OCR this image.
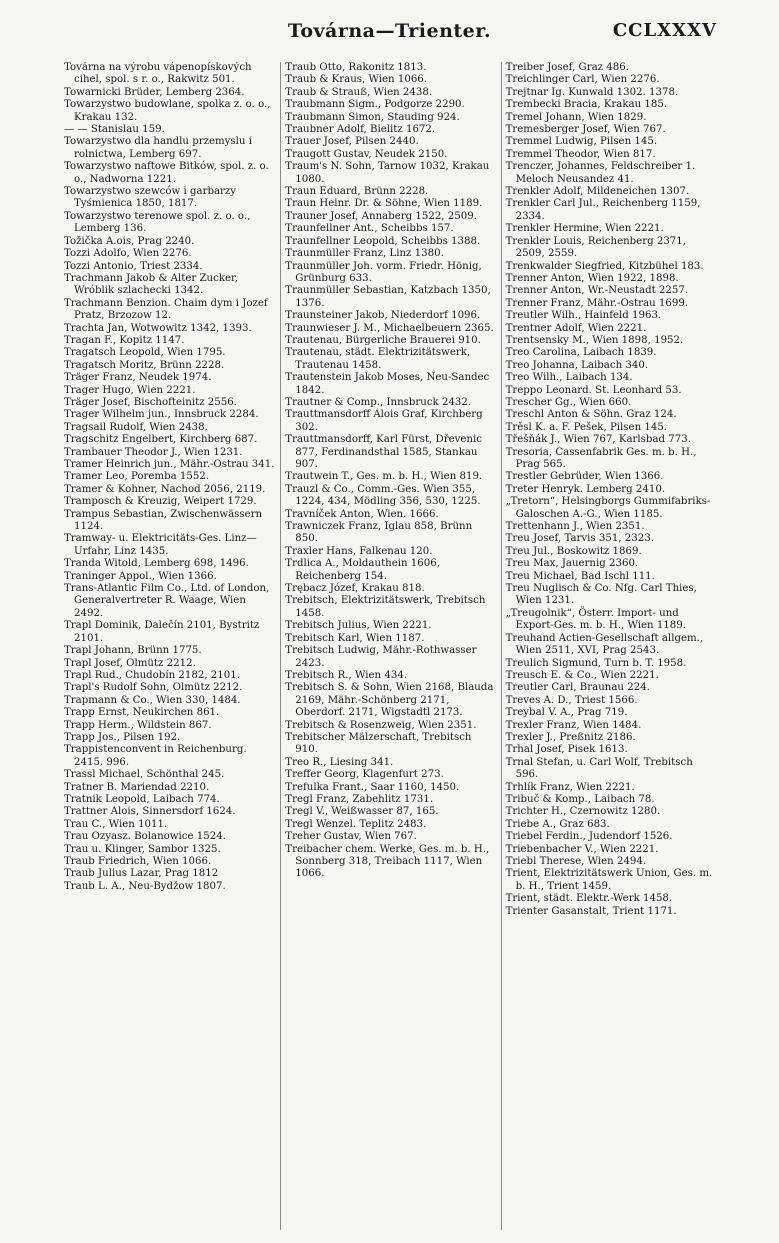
Továrna—Trienter.	CCLXXXV

Továrna na výrobu vápenopískových cihel, spol. s r. o., Rakwitz 501.

Towarnicki Brüder, Lemberg 2364.

Towarzystwo budowlane, spolka z. o. o., Krakau 132.

— — Stanislau 159.

Towarzystwo dla handlu przemyslu i rolnictwa, Lemberg 697.

Towarzystwo naftowe Bitków, spol. z. o. o., Nadworna 1221.

Towarzystwo szewców i garbarzy Tyśmienica 1850, 1817.

Towarzystwo terenowe spol. z. o. o., Lemberg 136.

Tožička A.ois, Prag 2240.

Tozzi Adolfo, Wien 2276.

Tozzi Antonio, Triest 2334.

Trachmann Jakob & Alter Zucker, Wróblik szlachecki 1342.

Trachmann Benzion. Chaim dym i Jozef Pratz, Brzozow 12.

Trachta Jan, Wotwowitz 1342, 1393.

Tragan F., Kopitz 1147.

Tragatsch Leopold, Wien 1795.

Tragatsch Moritz, Brünn 2228.

Träger Franz, Neudek 1974.

Trager Hugo, Wien 2221.

Träger Josef, Bischofteinitz 2556.

Trager Wilhelm jun., Innsbruck 2284.

Tragsail Rudolf, Wien 2438.

Tragschitz Engelbert, Kirchberg 687.

Trambauer Theodor J., Wien 1231.

Tramer Heinrich jun., Mähr.-Ostrau 341.

Tramer Leo, Poremba 1552.

Tramer & Kohner, Nachod 2056, 2119.

Tramposch & Kreuzig, Weipert 1729.

Trampus Sebastian, Zwischenwässern 1124.

Tramway- u. Elektricitäts-Ges. Linz—Urfahr, Linz 1435.

Tranda Witold, Lemberg 698, 1496.

Traninger Appol., Wien 1366.

Trans-Atlantic Film Co., Ltd. of London, Generalvertreter R. Waage, Wien 2492.

Trapl Dominik, Dalečín 2101, Bystritz 2101.

Trapl Johann, Brünn 1775.

Trapl Josef, Olmütz 2212.

Trapl Rud., Chudobín 2182, 2101.

Trapl's Rudolf Sohn, Olmütz 2212.

Trapmann & Co., Wien 330, 1484.

Trapp Ernst, Neukirchen 861.

Trapp Herm., Wildstein 867.

Trapp Jos., Pilsen 192.

Trappistenconvent in Reichenburg. 2415. 996.

Trassl Michael, Schönthal 245.

Tratner B. Mariendad 2210.

Tratnik Leopold, Laibach 774.

Trattner Alois, Sinnersdorf 1624.

Trau C., Wien 1011.

Trau Ozyasz. Bolanowice 1524.

Trau u. Klinger, Sambor 1325.

Traub Friedrich, Wien 1066.

Traub Julius Lazar, Prag 1812

Traub L. A., Neu-Bydžow 1807.

Traub Otto, Rakonitz 1813.

Traub & Kraus, Wien 1066.

Traub & Strauß, Wien 2438.

Traubmann Sigm., Podgorze 2290.

Traubmann Simon, Stauding 924.

Traubner Adolf, Bielitz 1672.

Trauer Josef, Pilsen 2440.

Traugott Gustav, Neudek 2150.

Traum's N. Sohn, Tarnow 1032, Krakau 1080.

Traun Eduard, Brünn 2228.

Traun Heinr. Dr. & Söhne, Wien 1189.

Trauner Josef, Annaberg 1522, 2509.

Traunfellner Ant., Scheibbs 157.

Traunfellner Leopold, Scheibbs 1388.

Traunmüller Franz, Linz 1380.

Traunmüller Joh. vorm. Friedr. Hönig, Grünburg 633.

Traunmüller Sebastian, Katzbach 1350, 1376.

Traunsteiner Jakob, Niederdorf 1096.

Traunwieser J. M., Michaelbeuern 2365.

Trautenau, Bürgerliche Brauerei 910.

Trautenau, städt. Elektrizitätswerk, Trautenau 1458.

Trautenstein Jakob Moses, Neu-Sandec 1842.

Trautner & Comp., Innsbruck 2432.

Trauttmansdorff Alois Graf, Kirchberg 302.

Trauttmansdorff, Karl Fürst, Dřevenic 877, Ferdinandsthal 1585, Stankau 907.

Trautwein T., Ges. m. b. H., Wien 819.

Trauzl & Co., Comm.-Ges. Wien 355, 1224, 434, Mödling 356, 530, 1225.

Travníček Anton, Wien. 1666.

Trawniczek Franz, Iglau 858, Brünn 850.

Traxler Hans, Falkenau 120.

Trdlica A., Moldauthein 1606, Reichenberg 154.

Trębacz Józef, Krakau 818.

Trebitsch, Elektrizitätswerk, Trebitsch 1458.

Trebitsch Julius, Wien 2221.

Trebitsch Karl, Wien 1187.

Trebitsch Ludwig, Mähr.-Rothwasser 2423.

Trebitsch R., Wien 434.

Trebitsch S. & Sohn, Wien 2168, Blauda 2169, Mähr.-Schönberg 2171, Oberdorf. 2171, Wigstadtl 2173.

Trebitsch & Rosenzweig, Wien 2351.

Trebitscher Mälzerschaft, Trebitsch 910.

Treo R., Liesing 341.

Treffer Georg, Klagenfurt 273.

Trefulka Frant., Saar 1160, 1450.

Tregl Franz, Zabehlitz 1731.

Tregl V., Weißwasser 87, 165.

Tregl Wenzel. Teplitz 2483.

Treher Gustav, Wien 767.

Treibacher chem. Werke, Ges. m. b. H., Sonnberg 318, Treibach 1117, Wien 1066.

Treiber Josef, Graz 486.

Treichlinger Carl, Wien 2276.

Trejtnar Ig. Kunwald 1302. 1378.

Trembecki Bracia, Krakau 185.

Tremel Johann, Wien 1829.

Tremesberger Josef, Wien 767.

Tremmel Ludwig, Pilsen 145.

Tremmel Theodor, Wien 817.

Trenczer, Johannes, Feldschreiber 1. Meloch Neusandez 41.

Trenkler Adolf, Mildeneichen 1307.

Trenkler Carl Jul., Reichenberg 1159, 2334.

Trenkler Hermine, Wien 2221.

Trenkler Louis, Reichenberg 2371, 2509, 2559.

Trenkwalder Siegfried, Kitzbühel 183.

Trenner Anton, Wien 1922, 1898.

Trenner Anton, Wr.-Neustadt 2257.

Trenner Franz, Mähr.-Ostrau 1699.

Treutler Wilh., Hainfeld 1963.

Trentner Adolf, Wien 2221.

Trentsensky M., Wien 1898, 1952.

Treo Carolina, Laibach 1839.

Treo Johanna, Laibach 340.

Treo Wilh., Laibach 134.

Treppo Leonard. St. Leonhard 53.

Trescher Gg., Wien 660.

Treschl Anton & Söhn. Graz 124.

Trěsl K. a. F. Pešek, Pilsen 145.

Třešňák J., Wien 767, Karlsbad 773.

Tresoria, Cassenfabrik Ges. m. b. H., Prag 565.

Trestler Gebrüder, Wien 1366.

Treter Henryk. Lemberg 2410.

„Tretorn“, Helsingborgs Gummifabriks-Galoschen A.-G., Wien 1185.

Trettenhann J., Wien 2351.

Treu Josef, Tarvis 351, 2323.

Treu Jul., Boskowitz 1869.

Treu Max, Jauernig 2360.

Treu Michael, Bad Ischl 111.

Treu Nuglisch & Co. Nfg. Carl Thies, Wien 1231.

„Treugolnik“, Österr. Import- und Export-Ges. m. b. H., Wien 1189.

Treuhand Actien-Gesellschaft allgem., Wien 2511, XVI, Prag 2543.

Treulich Sigmund, Turn b. T. 1958.

Treusch E. & Co., Wien 2221.

Treutler Carl, Braunau 224.

Treves A. D., Triest 1566.

Treybal V. A., Prag 719.

Trexler Franz, Wien 1484.

Trexler J., Preßnitz 2186.

Trhal Josef, Pisek 1613.

Trnal Stefan, u. Carl Wolf, Trebitsch 596.

Trhlík Franz, Wien 2221.

Tribuč & Komp., Laibach 78.

Trichter H., Czernowitz 1280.

Triebe A., Graz 683.

Triebel Ferdin., Judendorf 1526.

Triebenbacher V., Wien 2221.

Triebl Therese, Wien 2494.

Trient, Elektrizitätswerk Union, Ges. m. b. H., Trient 1459.

Trient, städt. Elektr.-Werk 1458.

Trienter Gasanstalt, Trient 1171.
